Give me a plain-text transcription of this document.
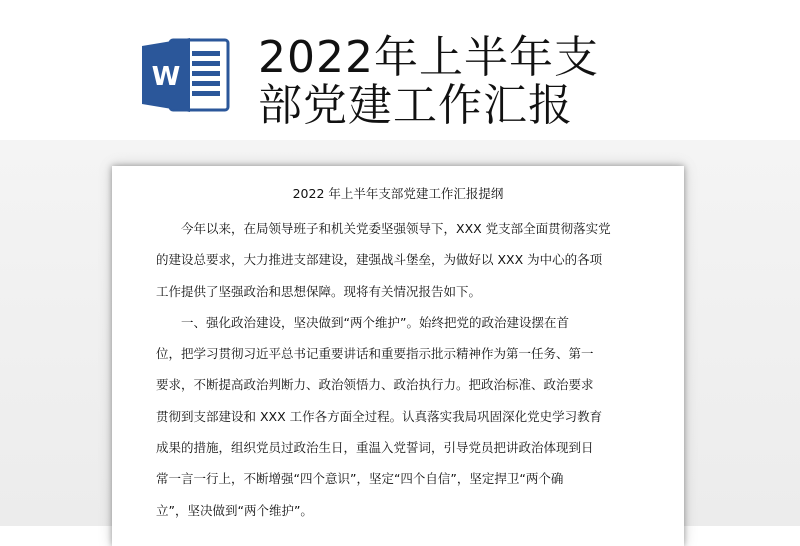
W 2022年上半年支
部党建工作汇报
2022 年上半年支部党建工作汇报提纲
今年以来，在局领导班子和机关党委坚强领导下，XXX 党支部全面贯彻落实党
的建设总要求，大力推进支部建设，建强战斗堡垒，为做好以 XXX 为中心的各项
工作提供了坚强政治和思想保障。现将有关情况报告如下。
一、强化政治建设，坚决做到“两个维护”。始终把党的政治建设摆在首
位，把学习贯彻习近平总书记重要讲话和重要指示批示精神作为第一任务、第一
要求，不断提高政治判断力、政治领悟力、政治执行力。把政治标准、政治要求
贯彻到支部建设和 XXX 工作各方面全过程。认真落实我局巩固深化党史学习教育
成果的措施，组织党员过政治生日，重温入党誓词，引导党员把讲政治体现到日
常一言一行上，不断增强“四个意识”，坚定“四个自信”，坚定捍卫“两个确
立”，坚决做到“两个维护”。
